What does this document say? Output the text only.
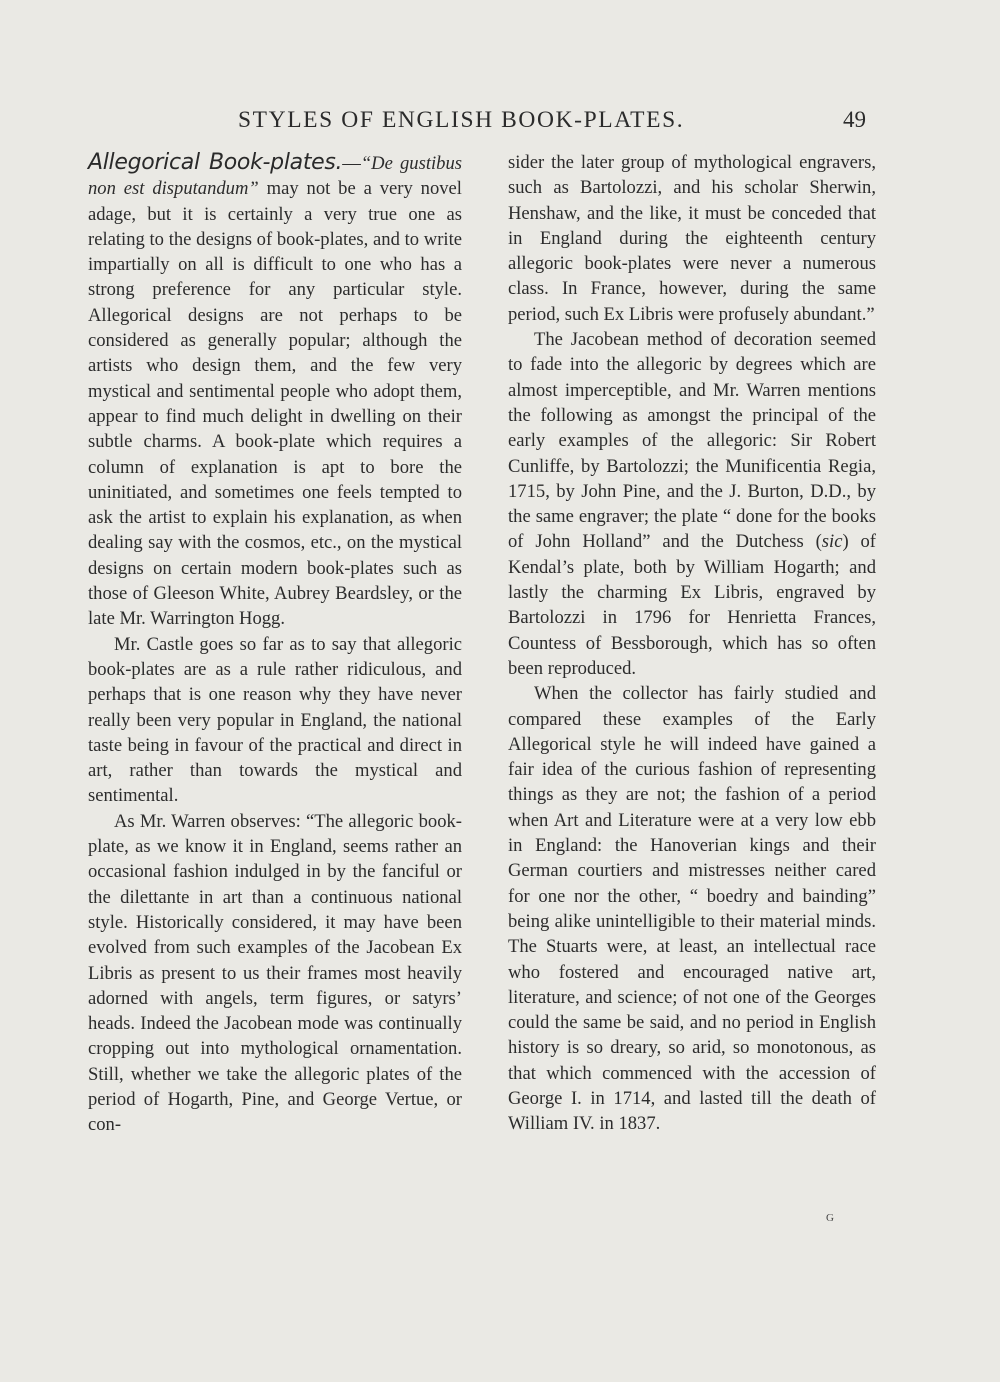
STYLES OF ENGLISH BOOK-PLATES.	49

Allegorical Book-plates.—“De gustibus non est disputandum” may not be a very novel adage, but it is certainly a very true one as relating to the designs of book-plates, and to write impartially on all is difficult to one who has a strong preference for any particular style. Allegorical designs are not perhaps to be considered as generally popular; although the artists who design them, and the few very mystical and sentimental people who adopt them, appear to find much delight in dwelling on their subtle charms. A book-plate which requires a column of explanation is apt to bore the uninitiated, and sometimes one feels tempted to ask the artist to explain his explanation, as when dealing say with the cosmos, etc., on the mystical designs on certain modern book-plates such as those of Gleeson White, Aubrey Beardsley, or the late Mr. Warrington Hogg.

Mr. Castle goes so far as to say that allegoric book-plates are as a rule rather ridiculous, and perhaps that is one reason why they have never really been very popular in England, the national taste being in favour of the practical and direct in art, rather than towards the mystical and sentimental.

As Mr. Warren observes: “The allegoric book-plate, as we know it in England, seems rather an occasional fashion indulged in by the fanciful or the dilettante in art than a continuous national style. Historically considered, it may have been evolved from such examples of the Jacobean Ex Libris as present to us their frames most heavily adorned with angels, term figures, or satyrs’ heads. Indeed the Jacobean mode was continually cropping out into mythological ornamentation. Still, whether we take the allegoric plates of the period of Hogarth, Pine, and George Vertue, or con-

sider the later group of mythological engravers, such as Bartolozzi, and his scholar Sherwin, Henshaw, and the like, it must be conceded that in England during the eighteenth century allegoric book-plates were never a numerous class. In France, however, during the same period, such Ex Libris were profusely abundant.”

The Jacobean method of decoration seemed to fade into the allegoric by degrees which are almost imperceptible, and Mr. Warren mentions the following as amongst the principal of the early examples of the allegoric: Sir Robert Cunliffe, by Bartolozzi; the Munificentia Regia, 1715, by John Pine, and the J. Burton, D.D., by the same engraver; the plate “ done for the books of John Holland” and the Dutchess (sic) of Kendal’s plate, both by William Hogarth; and lastly the charming Ex Libris, engraved by Bartolozzi in 1796 for Henrietta Frances, Countess of Bessborough, which has so often been reproduced.

When the collector has fairly studied and compared these examples of the Early Allegorical style he will indeed have gained a fair idea of the curious fashion of representing things as they are not; the fashion of a period when Art and Literature were at a very low ebb in England: the Hanoverian kings and their German courtiers and mistresses neither cared for one nor the other, “ boedry and bainding” being alike unintelligible to their material minds. The Stuarts were, at least, an intellectual race who fostered and encouraged native art, literature, and science; of not one of the Georges could the same be said, and no period in English history is so dreary, so arid, so monotonous, as that which commenced with the accession of George I. in 1714, and lasted till the death of William IV. in 1837.

G
